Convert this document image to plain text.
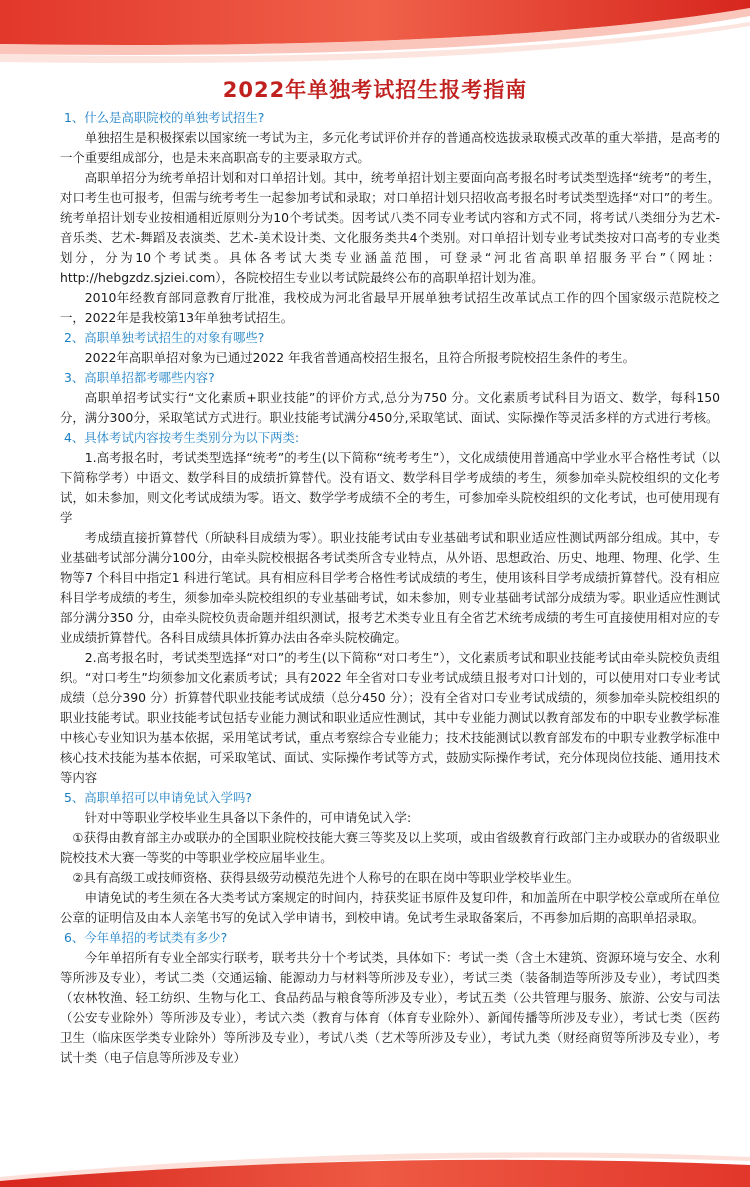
2022年单独考试招生报考指南
1、什么是高职院校的单独考试招生?

单独招生是积极探索以国家统一考试为主，多元化考试评价并存的普通高校选拔录取模式改革的重大举措，是高考的一个重要组成部分，也是未来高职高专的主要录取方式。

高职单招分为统考单招计划和对口单招计划。其中，统考单招计划主要面向高考报名时考试类型选择“统考”的考生，对口考生也可报考，但需与统考考生一起参加考试和录取；对口单招计划只招收高考报名时考试类型选择“对口”的考生。统考单招计划专业按相通相近原则分为10个考试类。因考试八类不同专业考试内容和方式不同，将考试八类细分为艺术-音乐类、艺术-舞蹈及表演类、艺术-美术设计类、文化服务类共4个类别。对口单招计划专业考试类按对口高考的专业类划分，分为10个考试类。具体各考试大类专业涵盖范围，可登录“河北省高职单招服务平台”（网址：http://hebgzdz.sjziei.com），各院校招生专业以考试院最终公布的高职单招计划为准。

2010年经教育部同意教育厅批准，我校成为河北省最早开展单独考试招生改革试点工作的四个国家级示范院校之一，2022年是我校第13年单独考试招生。

2、高职单独考试招生的对象有哪些?

2022年高职单招对象为已通过2022 年我省普通高校招生报名，且符合所报考院校招生条件的考生。

3、高职单招都考哪些内容?

高职单招考试实行“文化素质+职业技能”的评价方式,总分为750 分。文化素质考试科目为语文、数学，每科150分，满分300分，采取笔试方式进行。职业技能考试满分450分,采取笔试、面试、实际操作等灵活多样的方式进行考核。

4、具体考试内容按考生类别分为以下两类:

1.高考报名时，考试类型选择“统考”的考生(以下简称“统考考生”），文化成绩使用普通高中学业水平合格性考试（以下简称学考）中语文、数学科目的成绩折算替代。没有语文、数学科目学考成绩的考生，须参加牵头院校组织的文化考试，如未参加，则文化考试成绩为零。语文、数学学考成绩不全的考生，可参加牵头院校组织的文化考试，也可使用现有学

考成绩直接折算替代（所缺科目成绩为零）。职业技能考试由专业基础考试和职业适应性测试两部分组成。其中，专业基础考试部分满分100分，由牵头院校根据各考试类所含专业特点，从外语、思想政治、历史、地理、物理、化学、生物等7 个科目中指定1 科进行笔试。具有相应科目学考合格性考试成绩的考生，使用该科目学考成绩折算替代。没有相应科目学考成绩的考生，须参加牵头院校组织的专业基础考试，如未参加，则专业基础考试部分成绩为零。职业适应性测试部分满分350 分，由牵头院校负责命题并组织测试，报考艺术类专业且有全省艺术统考成绩的考生可直接使用相对应的专业成绩折算替代。各科目成绩具体折算办法由各牵头院校确定。

2.高考报名时，考试类型选择“对口”的考生(以下简称“对口考生”），文化素质考试和职业技能考试由牵头院校负责组织。“对口考生”均须参加文化素质考试；具有2022 年全省对口专业考试成绩且报考对口计划的，可以使用对口专业考试成绩（总分390 分）折算替代职业技能考试成绩（总分450 分）；没有全省对口专业考试成绩的，须参加牵头院校组织的职业技能考试。职业技能考试包括专业能力测试和职业适应性测试，其中专业能力测试以教育部发布的中职专业教学标准中核心专业知识为基本依据，采用笔试考试，重点考察综合专业能力；技术技能测试以教育部发布的中职专业教学标准中核心技术技能为基本依据，可采取笔试、面试、实际操作考试等方式，鼓励实际操作考试，充分体现岗位技能、通用技术等内容

5、高职单招可以申请免试入学吗?

针对中等职业学校毕业生具备以下条件的，可申请免试入学:

①获得由教育部主办或联办的全国职业院校技能大赛三等奖及以上奖项，或由省级教育行政部门主办或联办的省级职业院校技术大赛一等奖的中等职业学校应届毕业生。

②具有高级工或技师资格、获得县级劳动模范先进个人称号的在职在岗中等职业学校毕业生。

申请免试的考生须在各大类考试方案规定的时间内，持获奖证书原件及复印件，和加盖所在中职学校公章或所在单位公章的证明信及由本人亲笔书写的免试入学申请书，到校申请。免试考生录取备案后，不再参加后期的高职单招录取。

6、今年单招的考试类有多少?

今年单招所有专业全部实行联考，联考共分十个考试类，具体如下：考试一类（含土木建筑、资源环境与安全、水利等所涉及专业），考试二类（交通运输、能源动力与材料等所涉及专业），考试三类（装备制造等所涉及专业），考试四类（农林牧渔、轻工纺织、生物与化工、食品药品与粮食等所涉及专业），考试五类（公共管理与服务、旅游、公安与司法（公安专业除外）等所涉及专业），考试六类（教育与体育（体育专业除外）、新闻传播等所涉及专业），考试七类（医药卫生（临床医学类专业除外）等所涉及专业），考试八类（艺术等所涉及专业），考试九类（财经商贸等所涉及专业），考试十类（电子信息等所涉及专业）
